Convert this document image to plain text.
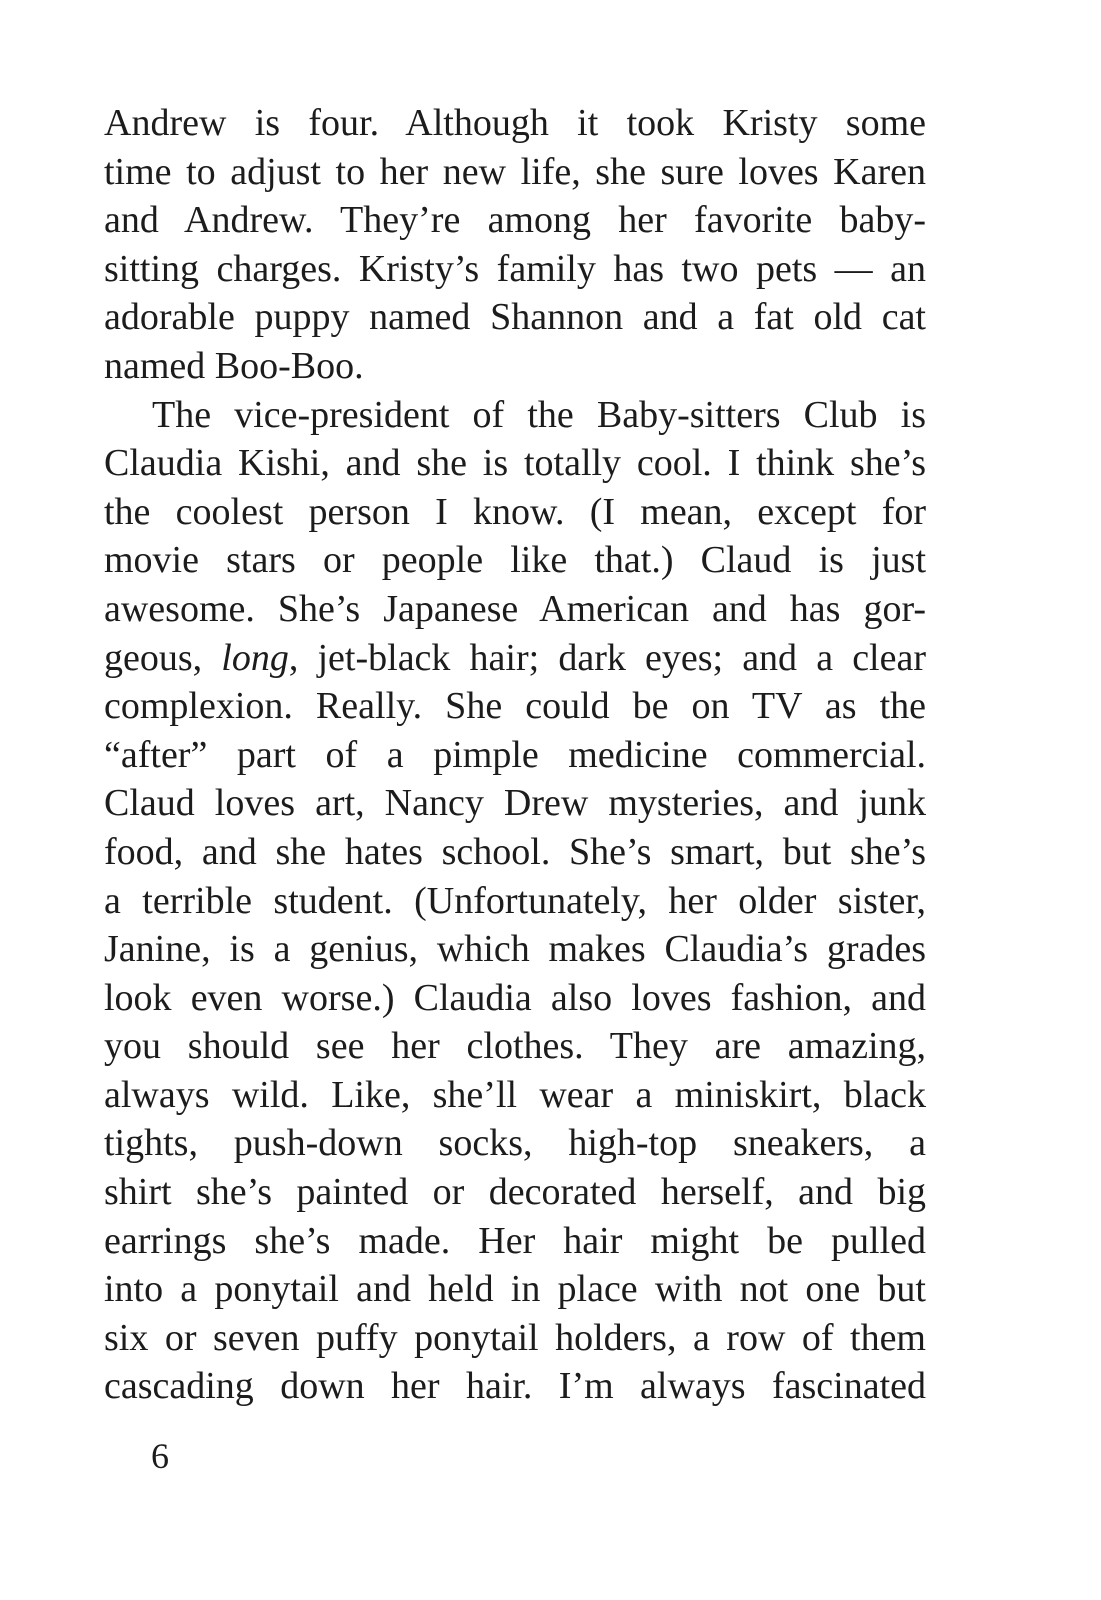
Andrew is four. Although it took Kristy some
time to adjust to her new life, she sure loves Karen
and Andrew. They’re among her favorite baby-
sitting charges. Kristy’s family has two pets — an
adorable puppy named Shannon and a fat old cat
named Boo-Boo.
The vice-president of the Baby-sitters Club is
Claudia Kishi, and she is totally cool. I think she’s
the coolest person I know. (I mean, except for
movie stars or people like that.) Claud is just
awesome. She’s Japanese American and has gor-
geous, long, jet-black hair; dark eyes; and a clear
complexion. Really. She could be on TV as the
“after” part of a pimple medicine commercial.
Claud loves art, Nancy Drew mysteries, and junk
food, and she hates school. She’s smart, but she’s
a terrible student. (Unfortunately, her older sister,
Janine, is a genius, which makes Claudia’s grades
look even worse.) Claudia also loves fashion, and
you should see her clothes. They are amazing,
always wild. Like, she’ll wear a miniskirt, black
tights, push-down socks, high-top sneakers, a
shirt she’s painted or decorated herself, and big
earrings she’s made. Her hair might be pulled
into a ponytail and held in place with not one but
six or seven puffy ponytail holders, a row of them
cascading down her hair. I’m always fascinated
6
